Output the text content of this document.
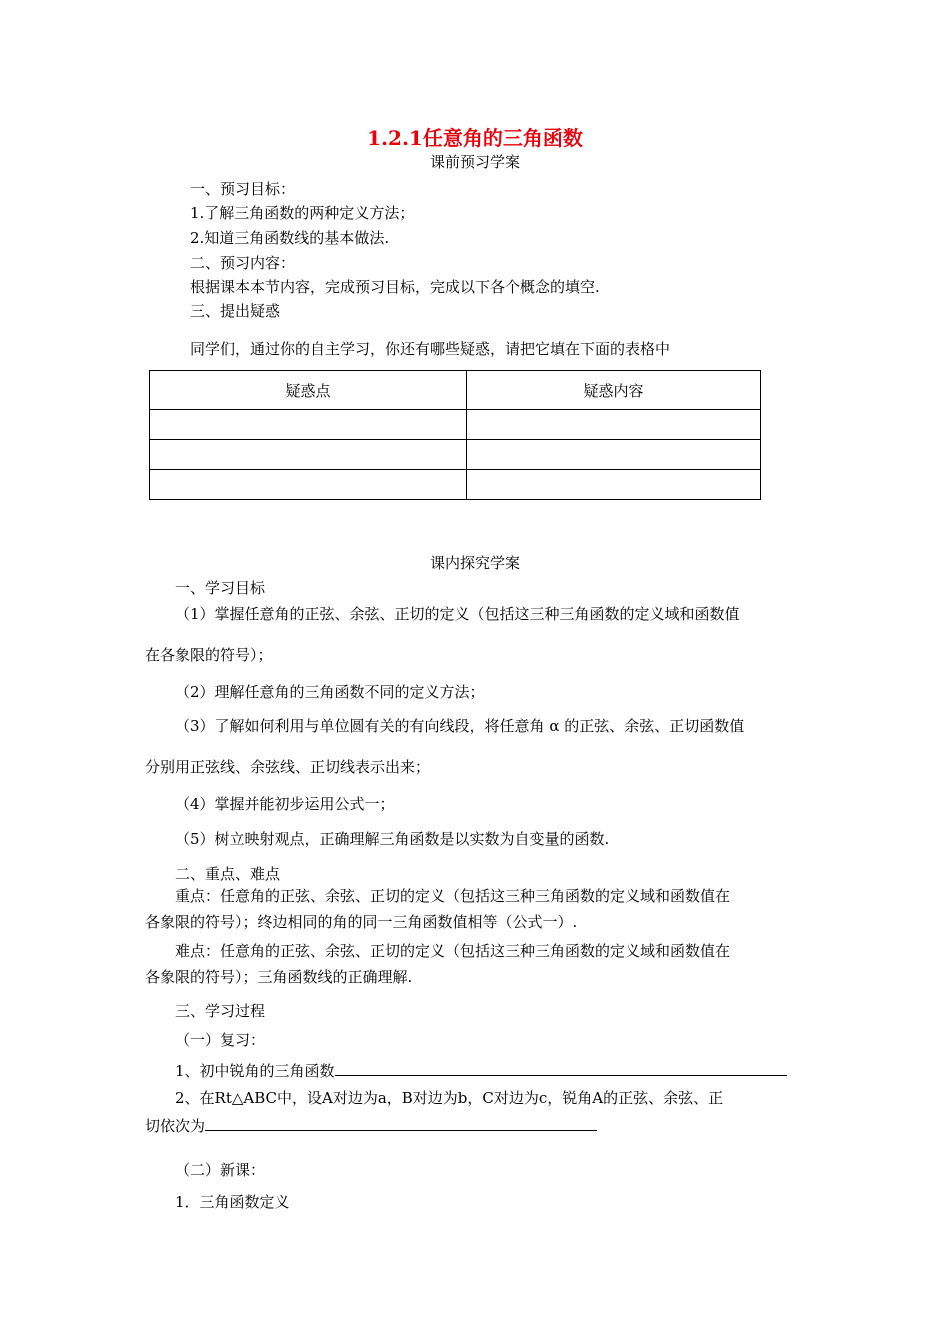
1.2.1任意角的三角函数
课前预习学案
一、预习目标：
1.了解三角函数的两种定义方法；
2.知道三角函数线的基本做法.
二、预习内容：
根据课本本节内容，完成预习目标，完成以下各个概念的填空.
三、提出疑惑
同学们，通过你的自主学习，你还有哪些疑惑，请把它填在下面的表格中
疑惑点	疑惑内容

课内探究学案
一、学习目标
（1）掌握任意角的正弦、余弦、正切的定义（包括这三种三角函数的定义域和函数值
在各象限的符号）；
（2）理解任意角的三角函数不同的定义方法；
（3）了解如何利用与单位圆有关的有向线段，将任意角 α 的正弦、余弦、正切函数值
分别用正弦线、余弦线、正切线表示出来；
（4）掌握并能初步运用公式一；
（5）树立映射观点，正确理解三角函数是以实数为自变量的函数.
二、重点、难点
重点：任意角的正弦、余弦、正切的定义（包括这三种三角函数的定义域和函数值在
各象限的符号）；终边相同的角的同一三角函数值相等（公式一）.
难点：任意角的正弦、余弦、正切的定义（包括这三种三角函数的定义域和函数值在
各象限的符号）；三角函数线的正确理解.
三、学习过程
（一）复习：
1、初中锐角的三角函数
2、在Rt△ABC中，设A对边为a，B对边为b，C对边为c，锐角A的正弦、余弦、正
切依次为
（二）新课：
1．三角函数定义
